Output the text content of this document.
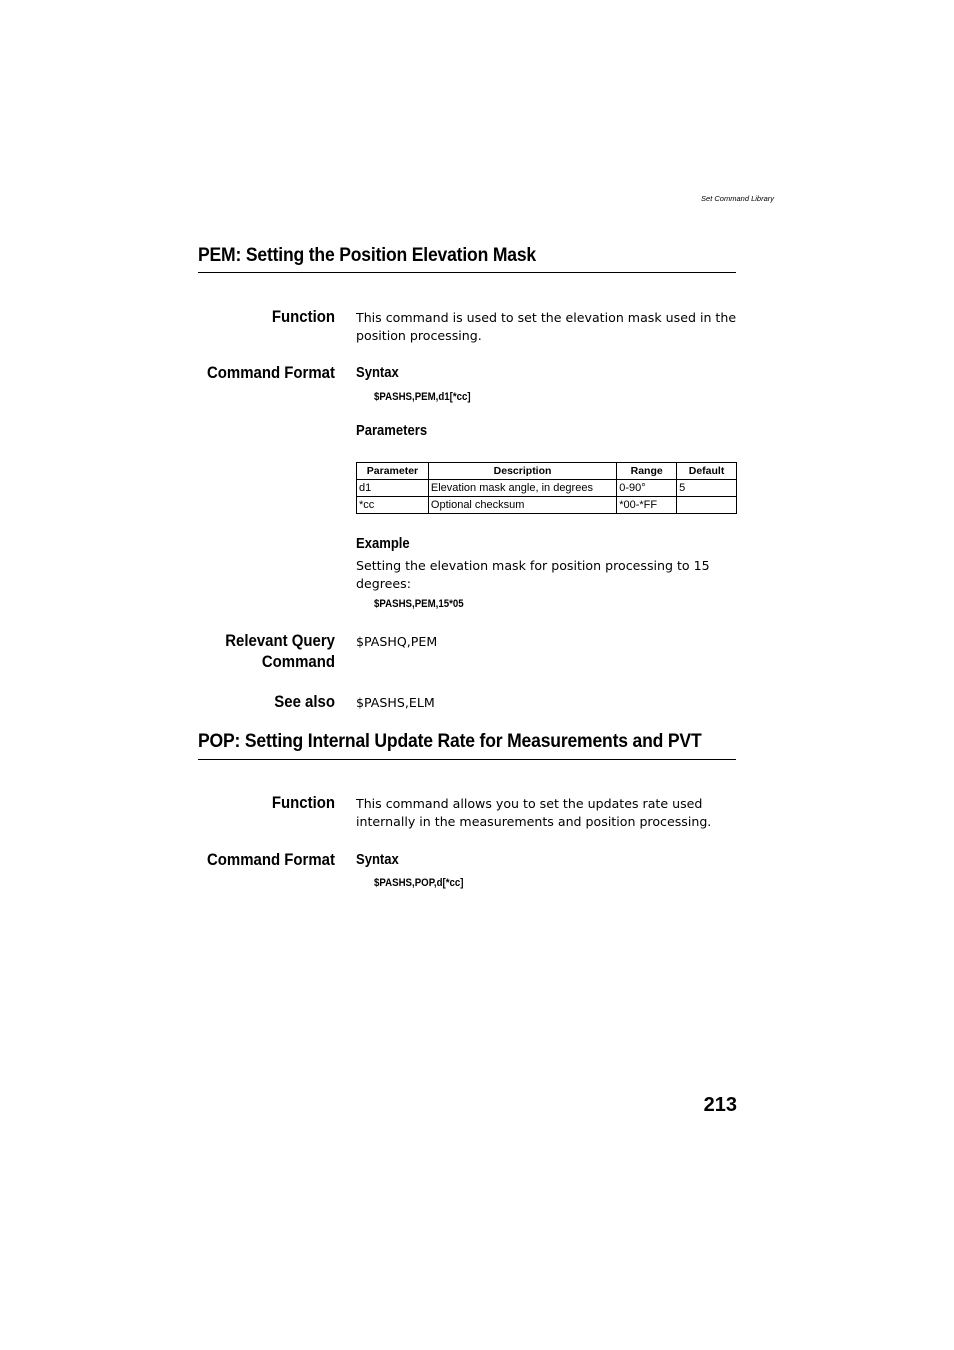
Set Command Library
PEM: Setting the Position Elevation Mask
Function This command is used to set the elevation mask used in the position processing.
Command Format Syntax
$PASHS,PEM,d1[*cc]
Parameters
Parameter	Description	Range	Default
d1	Elevation mask angle, in degrees	0-90°	5
*cc	Optional checksum	*00-*FF	
Example
Setting the elevation mask for position processing to 15 degrees:
$PASHS,PEM,15*05
Relevant Query
Command
$PASHQ,PEM
See also $PASHS,ELM
POP: Setting Internal Update Rate for Measurements and PVT
Function This command allows you to set the updates rate used internally in the measurements and position processing.
Command Format Syntax
$PASHS,POP,d[*cc]
213
